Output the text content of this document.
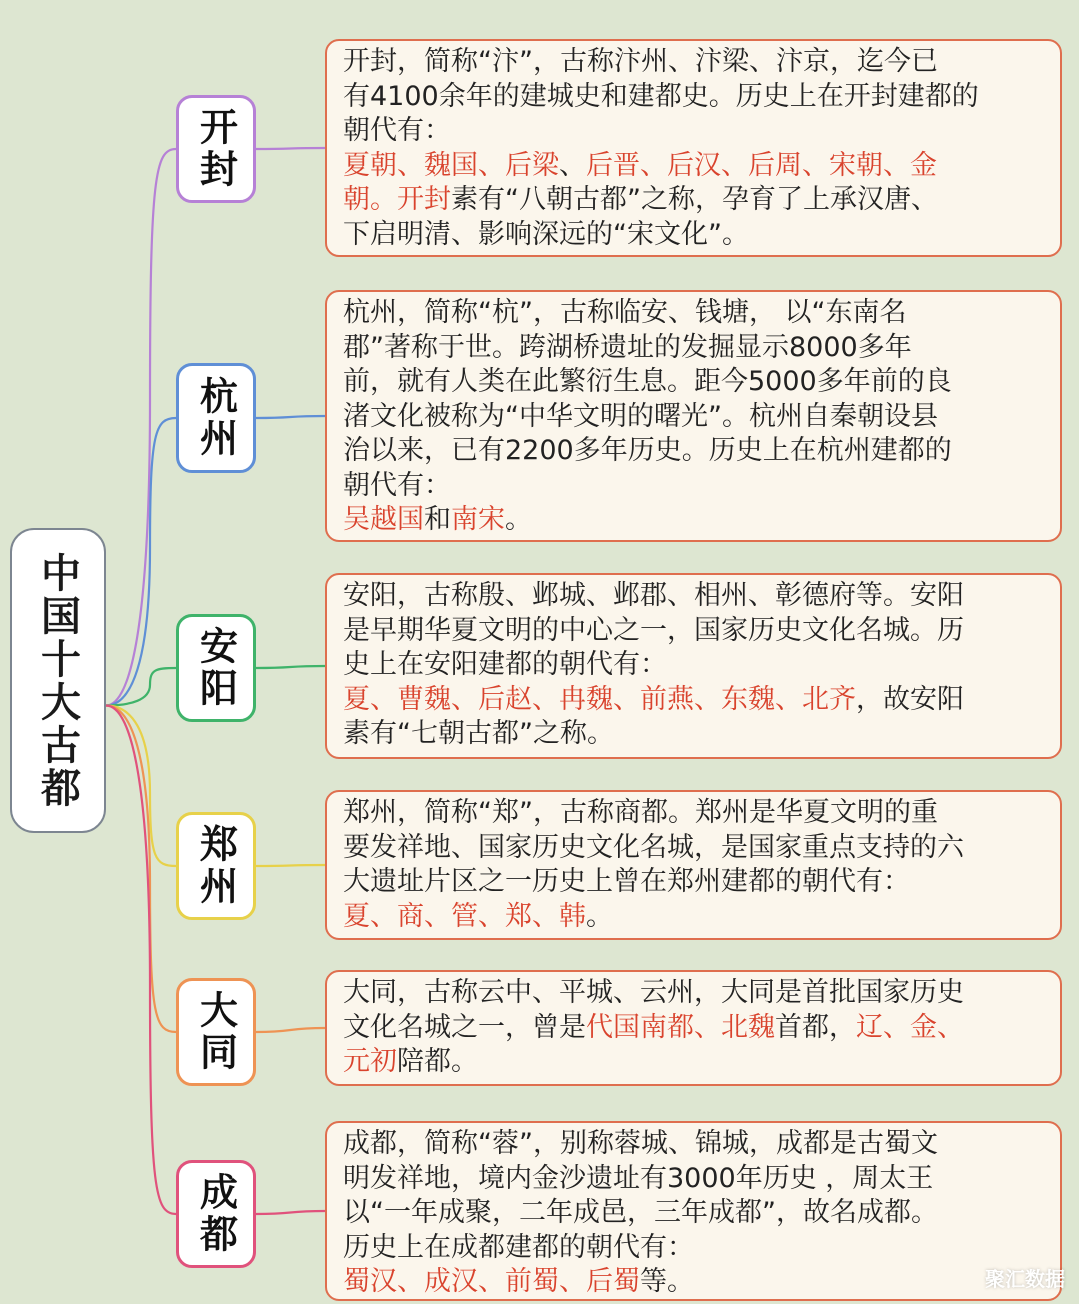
中国十大古都
开封
开封，简称“汴”，古称汴州、汴梁、汴京，迄今已
有4100余年的建城史和建都史。历史上在开封建都的
朝代有：
夏朝、魏国、后梁、后晋、后汉、后周、宋朝、金
朝。开封素有“八朝古都”之称，孕育了上承汉唐、
下启明清、影响深远的“宋文化”。
杭州
杭州，简称“杭”，古称临安、钱塘， 以“东南名
郡”著称于世。跨湖桥遗址的发掘显示8000多年
前，就有人类在此繁衍生息。距今5000多年前的良
渚文化被称为“中华文明的曙光”。杭州自秦朝设县
治以来，已有2200多年历史。历史上在杭州建都的
朝代有：
吴越国和南宋。
安阳
安阳，古称殷、邺城、邺郡、相州、彰德府等。安阳
是早期华夏文明的中心之一，国家历史文化名城。历
史上在安阳建都的朝代有：
夏、曹魏、后赵、冉魏、前燕、东魏、北齐，故安阳
素有“七朝古都”之称。
郑州
郑州，简称“郑”，古称商都。郑州是华夏文明的重
要发祥地、国家历史文化名城，是国家重点支持的六
大遗址片区之一历史上曾在郑州建都的朝代有：
夏、商、管、郑、韩。
大同	大同，古称云中、平城、云州，大同是首批国家历史
文化名城之一，曾是代国南都、北魏首都，辽、金、
元初陪都。
成都
成都，简称“蓉”，别称蓉城、锦城，成都是古蜀文
明发祥地，境内金沙遗址有3000年历史 ，周太王
以“一年成聚，二年成邑，三年成都”，故名成都。
历史上在成都建都的朝代有：
蜀汉、成汉、前蜀、后蜀等。	聚汇数据
